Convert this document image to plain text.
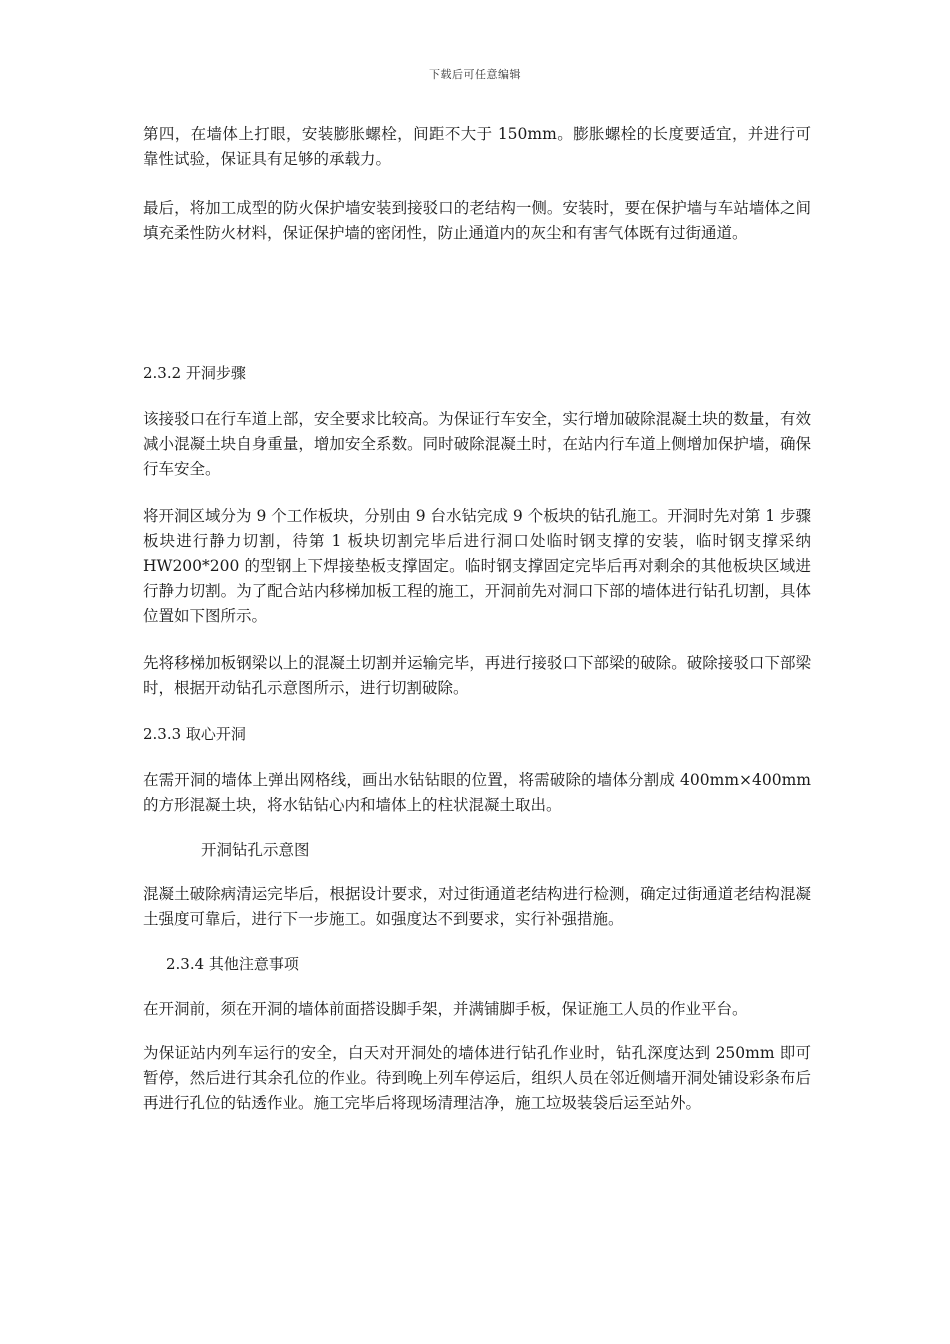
下载后可任意编辑

第四，在墙体上打眼，安装膨胀螺栓，间距不大于 150mm。膨胀螺栓的长度要适宜，并进行可靠性试验，保证具有足够的承载力。

最后，将加工成型的防火保护墙安装到接驳口的老结构一侧。安装时，要在保护墙与车站墙体之间填充柔性防火材料，保证保护墙的密闭性，防止通道内的灰尘和有害气体既有过街通道。

2.3.2 开洞步骤

该接驳口在行车道上部，安全要求比较高。为保证行车安全，实行增加破除混凝土块的数量，有效减小混凝土块自身重量，增加安全系数。同时破除混凝土时，在站内行车道上侧增加保护墙，确保行车安全。

将开洞区域分为 9 个工作板块，分别由 9 台水钻完成 9 个板块的钻孔施工。开洞时先对第 1 步骤板块进行静力切割，待第 1 板块切割完毕后进行洞口处临时钢支撑的安装，临时钢支撑采纳 HW200*200 的型钢上下焊接垫板支撑固定。临时钢支撑固定完毕后再对剩余的其他板块区域进行静力切割。为了配合站内移梯加板工程的施工，开洞前先对洞口下部的墙体进行钻孔切割，具体位置如下图所示。

先将移梯加板钢梁以上的混凝土切割并运输完毕，再进行接驳口下部梁的破除。破除接驳口下部梁时，根据开动钻孔示意图所示，进行切割破除。

2.3.3 取心开洞

在需开洞的墙体上弹出网格线，画出水钻钻眼的位置，将需破除的墙体分割成 400mm×400mm 的方形混凝土块，将水钻钻心内和墙体上的柱状混凝土取出。

开洞钻孔示意图

混凝土破除病清运完毕后，根据设计要求，对过街通道老结构进行检测，确定过街通道老结构混凝土强度可靠后，进行下一步施工。如强度达不到要求，实行补强措施。

2.3.4 其他注意事项

在开洞前，须在开洞的墙体前面搭设脚手架，并满铺脚手板，保证施工人员的作业平台。

为保证站内列车运行的安全，白天对开洞处的墙体进行钻孔作业时，钻孔深度达到 250mm 即可暂停，然后进行其余孔位的作业。待到晚上列车停运后，组织人员在邻近侧墙开洞处铺设彩条布后再进行孔位的钻透作业。施工完毕后将现场清理洁净，施工垃圾装袋后运至站外。
